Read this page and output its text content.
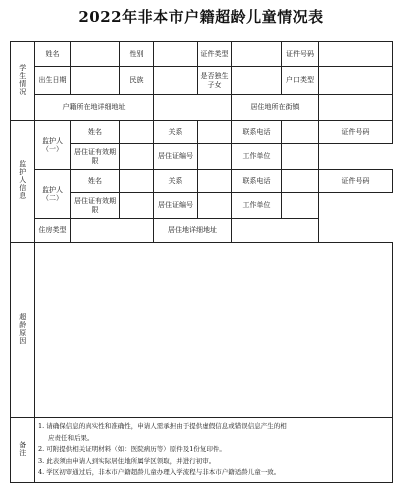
2022年非本市户籍超龄儿童情况表
学生情况	姓名		性别		证件类型		证件号码	
	出生日期		民族		是否独生子女		户口类型	
	户籍所在地详细地址					居住地所在街镇		
监护人信息	监护人（一）	姓名		关系		联系电话		证件号码
		居住证有效期限		居住证编号		工作单位		
	监护人（二）	姓名		关系		联系电话		证件号码
		居住证有效期限		居住证编号		工作单位		
	住房类型			居住地详细地址				
超龄原因								
备注	1. 请确保信息的真实性和准确性，申请人需承担由于提供虚假信息或错误信息产生的相
应责任和后果。
2. 可附提供相关证明材料（如：医院病历等）原件及1份复印件。
3. 此表须由申请人到实际居住地所属学区领取，并进行初审。
4. 学区初审通过后，非本市户籍超龄儿童办理入学流程与非本市户籍适龄儿童一致。							
